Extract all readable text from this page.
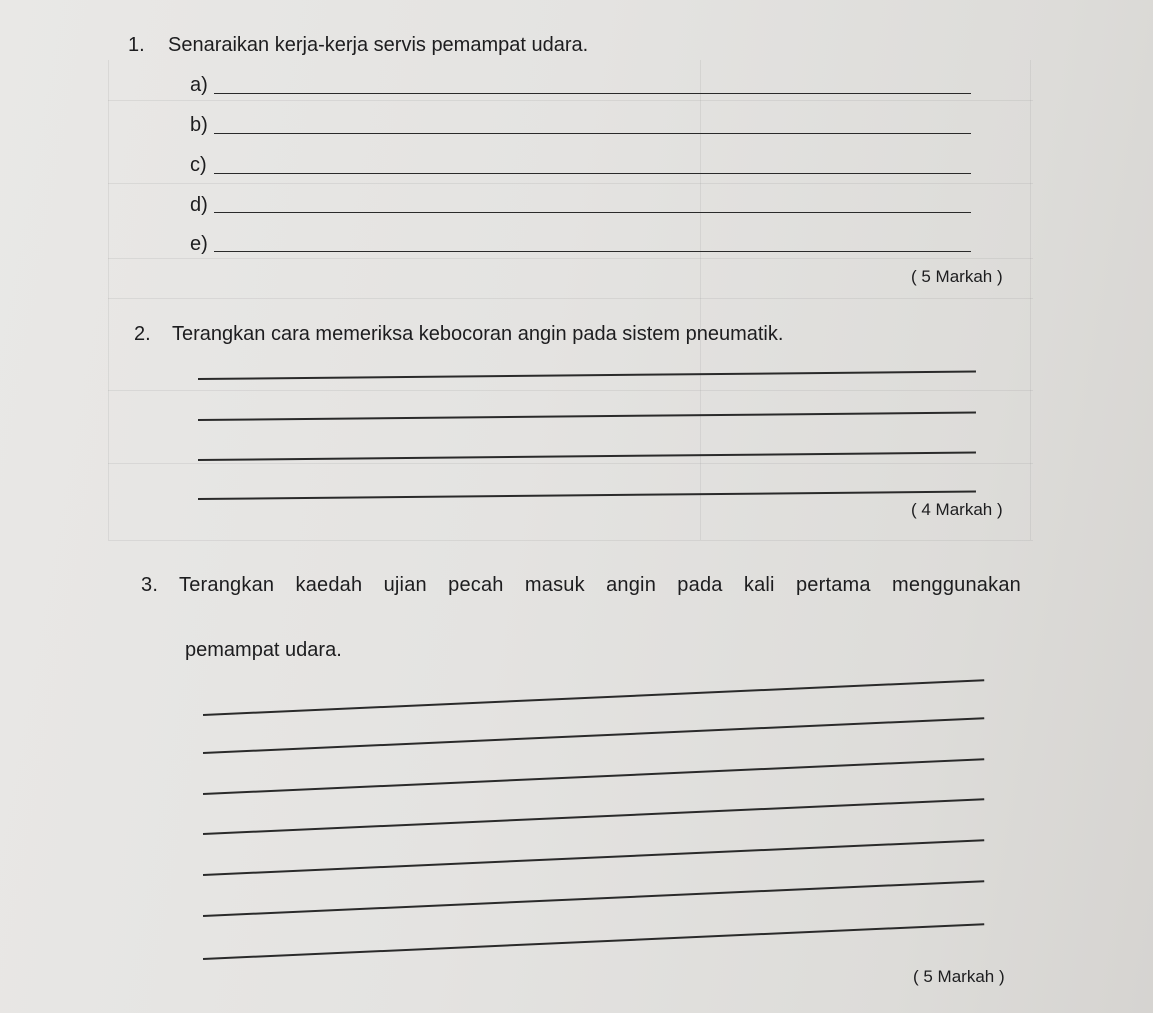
1. Senaraikan kerja-kerja servis pemampat udara.
a)
b)
c)
d)
e)
( 5 Markah )
2. Terangkan cara memeriksa kebocoran angin pada sistem pneumatik.
( 4 Markah )
3. Terangkan kaedah ujian pecah masuk angin pada kali pertama menggunakan
pemampat udara.
( 5 Markah )
